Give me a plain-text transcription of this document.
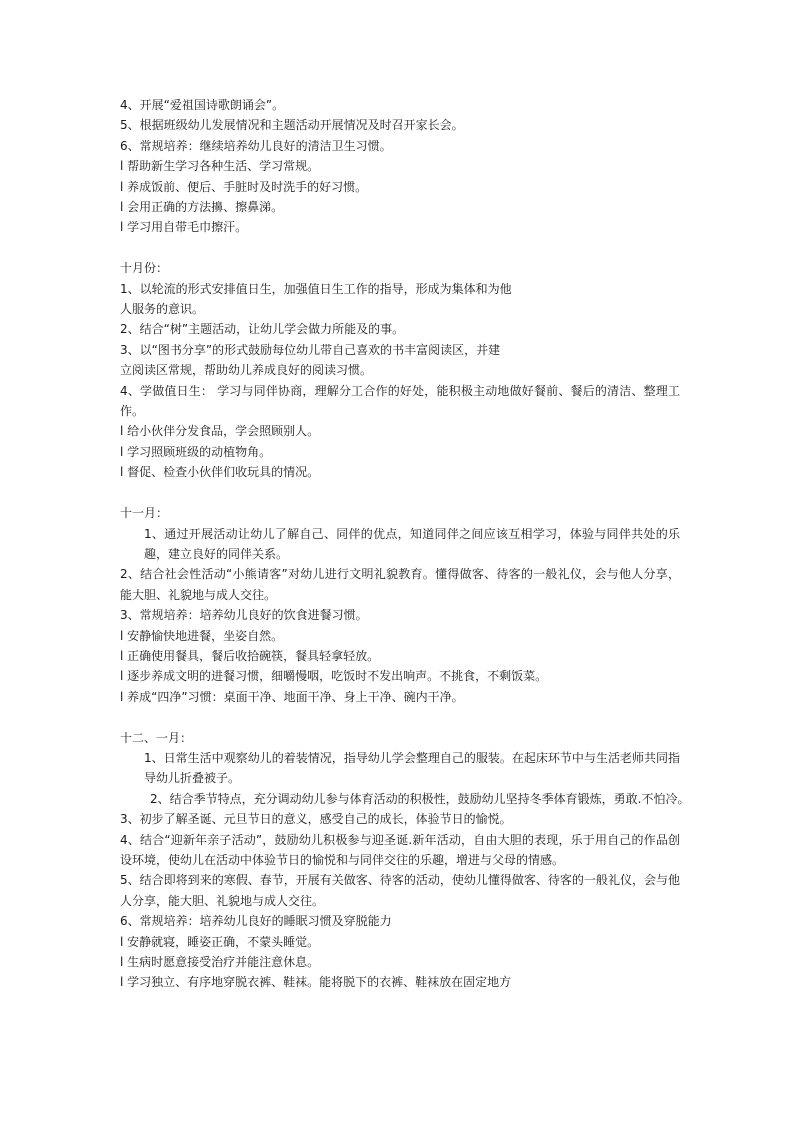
4、开展“爱祖国诗歌朗诵会”。
5、根据班级幼儿发展情况和主题活动开展情况及时召开家长会。
6、常规培养：继续培养幼儿良好的清洁卫生习惯。
l 帮助新生学习各种生活、学习常规。
l 养成饭前、便后、手脏时及时洗手的好习惯。
l 会用正确的方法擤、擦鼻涕。
l 学习用自带毛巾擦汗。
十月份：
1、以轮流的形式安排值日生，加强值日生工作的指导，形成为集体和为他
人服务的意识。
2、结合“树”主题活动，让幼儿学会做力所能及的事。
3、以“图书分享”的形式鼓励每位幼儿带自己喜欢的书丰富阅读区，并建
立阅读区常规，帮助幼儿养成良好的阅读习惯。
4、学做值日生： 学习与同伴协商，理解分工合作的好处，能积极主动地做好餐前、餐后的清洁、整理工作。
l 给小伙伴分发食品，学会照顾别人。
l 学习照顾班级的动植物角。
l 督促、检查小伙伴们收玩具的情况。
十一月：
1、通过开展活动让幼儿了解自己、同伴的优点，知道同伴之间应该互相学习，体验与同伴共处的乐趣，建立良好的同伴关系。
2、结合社会性活动“小熊请客”对幼儿进行文明礼貌教育。懂得做客、待客的一般礼仪，会与他人分享，能大胆、礼貌地与成人交往。
3、常规培养：培养幼儿良好的饮食进餐习惯。
l 安静愉快地进餐，坐姿自然。
l 正确使用餐具，餐后收拾碗筷，餐具轻拿轻放。
l 逐步养成文明的进餐习惯，细嚼慢咽，吃饭时不发出响声。不挑食，不剩饭菜。
l 养成“四净”习惯：桌面干净、地面干净、身上干净、碗内干净。
十二、一月：
1、日常生活中观察幼儿的着装情况，指导幼儿学会整理自己的服装。在起床环节中与生活老师共同指导幼儿折叠被子。
2、结合季节特点，充分调动幼儿参与体育活动的积极性，鼓励幼儿坚持冬季体育锻炼，勇敢.不怕冷。
3、初步了解圣诞、元旦节日的意义，感受自己的成长，体验节日的愉悦。
4、结合“迎新年亲子活动”，鼓励幼儿积极参与迎圣诞.新年活动，自由大胆的表现，乐于用自己的作品创设环境，使幼儿在活动中体验节日的愉悦和与同伴交往的乐趣，增进与父母的情感。
5、结合即将到来的寒假、春节，开展有关做客、待客的活动，使幼儿懂得做客、待客的一般礼仪，会与他人分享，能大胆、礼貌地与成人交往。
6、常规培养：培养幼儿良好的睡眠习惯及穿脱能力
l 安静就寝，睡姿正确，不蒙头睡觉。
l 生病时愿意接受治疗并能注意休息。
l 学习独立、有序地穿脱衣裤、鞋袜。能将脱下的衣裤、鞋袜放在固定地方
